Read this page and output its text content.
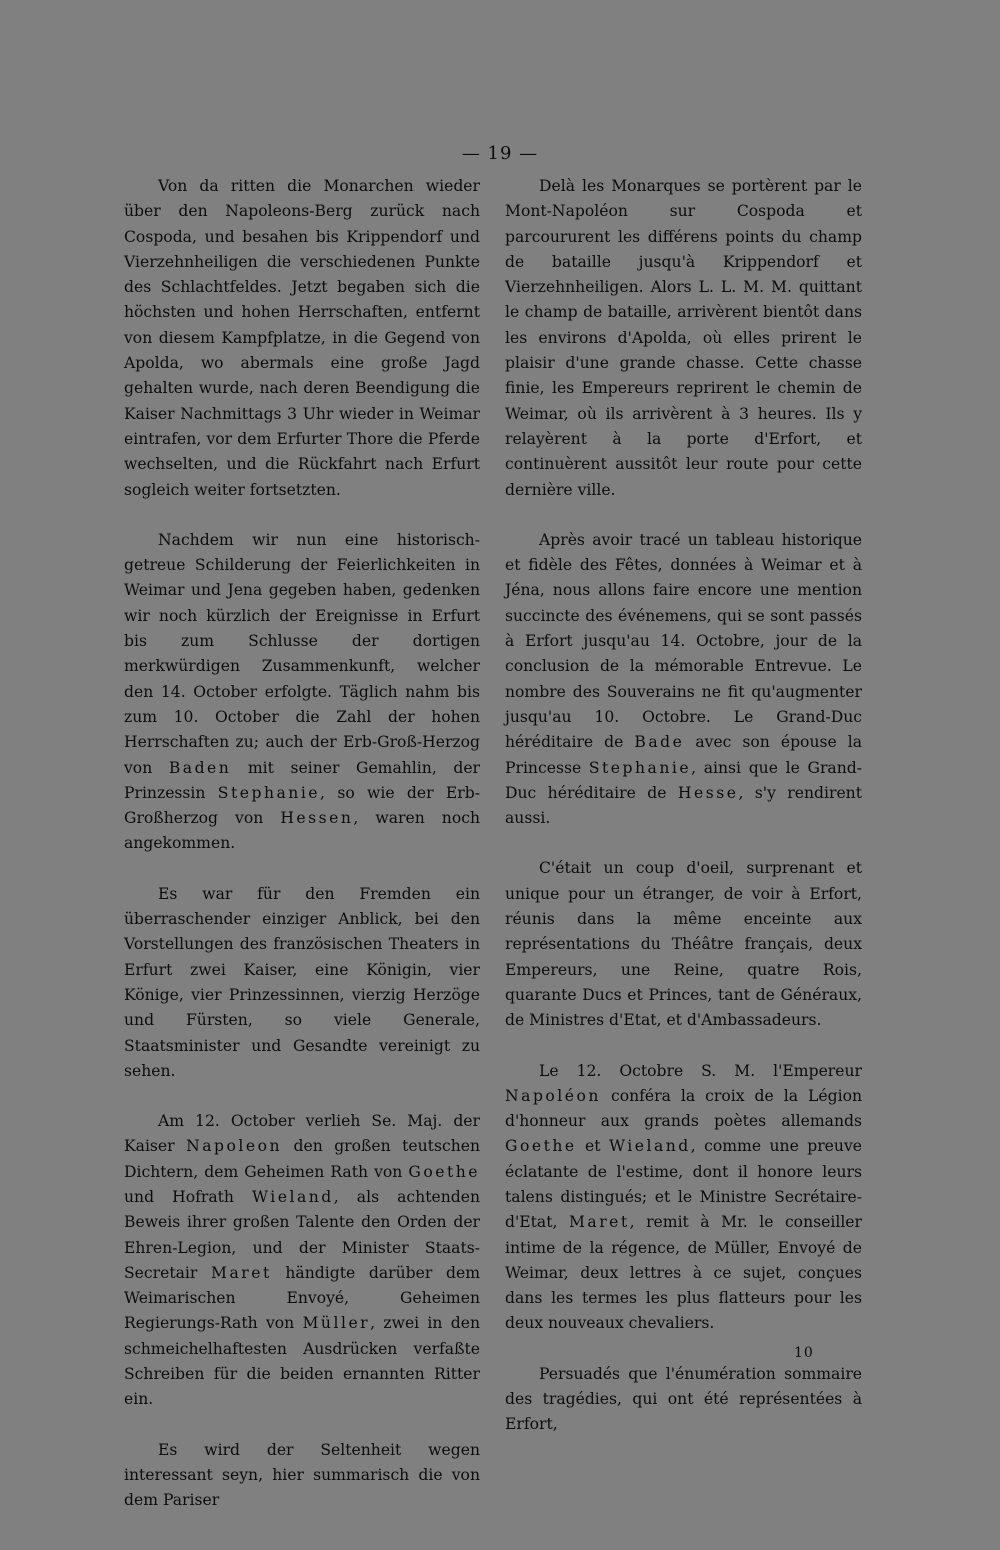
— 19 —

Von da ritten die Monarchen wieder über den Napoleons-Berg zurück nach Cospoda, und besahen bis Krippendorf und Vierzehnheiligen die verschiedenen Punkte des Schlachtfeldes. Jetzt begaben sich die höchsten und hohen Herrschaften, entfernt von diesem Kampfplatze, in die Gegend von Apolda, wo abermals eine große Jagd gehalten wurde, nach deren Beendigung die Kaiser Nachmittags 3 Uhr wieder in Weimar eintrafen, vor dem Erfurter Thore die Pferde wechselten, und die Rückfahrt nach Erfurt sogleich weiter fortsetzten.

Nachdem wir nun eine historisch-getreue Schilderung der Feierlichkeiten in Weimar und Jena gegeben haben, gedenken wir noch kürzlich der Ereignisse in Erfurt bis zum Schlusse der dortigen merkwürdigen Zusammenkunft, welcher den 14. October erfolgte. Täglich nahm bis zum 10. October die Zahl der hohen Herrschaften zu; auch der Erb-Groß-Herzog von Baden mit seiner Gemahlin, der Prinzessin Stephanie, so wie der Erb-Großherzog von Hessen, waren noch angekommen.

Es war für den Fremden ein überraschender einziger Anblick, bei den Vorstellungen des französischen Theaters in Erfurt zwei Kaiser, eine Königin, vier Könige, vier Prinzessinnen, vierzig Herzöge und Fürsten, so viele Generale, Staatsminister und Gesandte vereinigt zu sehen.

Am 12. October verlieh Se. Maj. der Kaiser Napoleon den großen teutschen Dichtern, dem Geheimen Rath von Goethe und Hofrath Wieland, als achtenden Beweis ihrer großen Talente den Orden der Ehren-Legion, und der Minister Staats-Secretair Maret händigte darüber dem Weimarischen Envoyé, Geheimen Regierungs-Rath von Müller, zwei in den schmeichelhaftesten Ausdrücken verfaßte Schreiben für die beiden ernannten Ritter ein.

Es wird der Seltenheit wegen interessant seyn, hier summarisch die von dem Pariser

Delà les Monarques se portèrent par le Mont-Napoléon sur Cospoda et parcoururent les différens points du champ de bataille jusqu'à Krippendorf et Vierzehnheiligen. Alors L. L. M. M. quittant le champ de bataille, arrivèrent bientôt dans les environs d'Apolda, où elles prirent le plaisir d'une grande chasse. Cette chasse finie, les Empereurs reprirent le chemin de Weimar, où ils arrivèrent à 3 heures. Ils y relayèrent à la porte d'Erfort, et continuèrent aussitôt leur route pour cette dernière ville.

Après avoir tracé un tableau historique et fidèle des Fêtes, données à Weimar et à Jéna, nous allons faire encore une mention succincte des événemens, qui se sont passés à Erfort jusqu'au 14. Octobre, jour de la conclusion de la mémorable Entrevue. Le nombre des Souverains ne fit qu'augmenter jusqu'au 10. Octobre. Le Grand-Duc héréditaire de Bade avec son épouse la Princesse Stephanie, ainsi que le Grand-Duc héréditaire de Hesse, s'y rendirent aussi.

C'était un coup d'oeil, surprenant et unique pour un étranger, de voir à Erfort, réunis dans la même enceinte aux représentations du Théâtre français, deux Empereurs, une Reine, quatre Rois, quarante Ducs et Princes, tant de Généraux, de Ministres d'Etat, et d'Ambassadeurs.

Le 12. Octobre S. M. l'Empereur Napoléon conféra la croix de la Légion d'honneur aux grands poètes allemands Goethe et Wieland, comme une preuve éclatante de l'estime, dont il honore leurs talens distingués; et le Ministre Secrétaire-d'Etat, Maret, remit à Mr. le conseiller intime de la régence, de Müller, Envoyé de Weimar, deux lettres à ce sujet, conçues dans les termes les plus flatteurs pour les deux nouveaux chevaliers.

Persuadés que l'énumération sommaire des tragédies, qui ont été représentées à Erfort,

10
